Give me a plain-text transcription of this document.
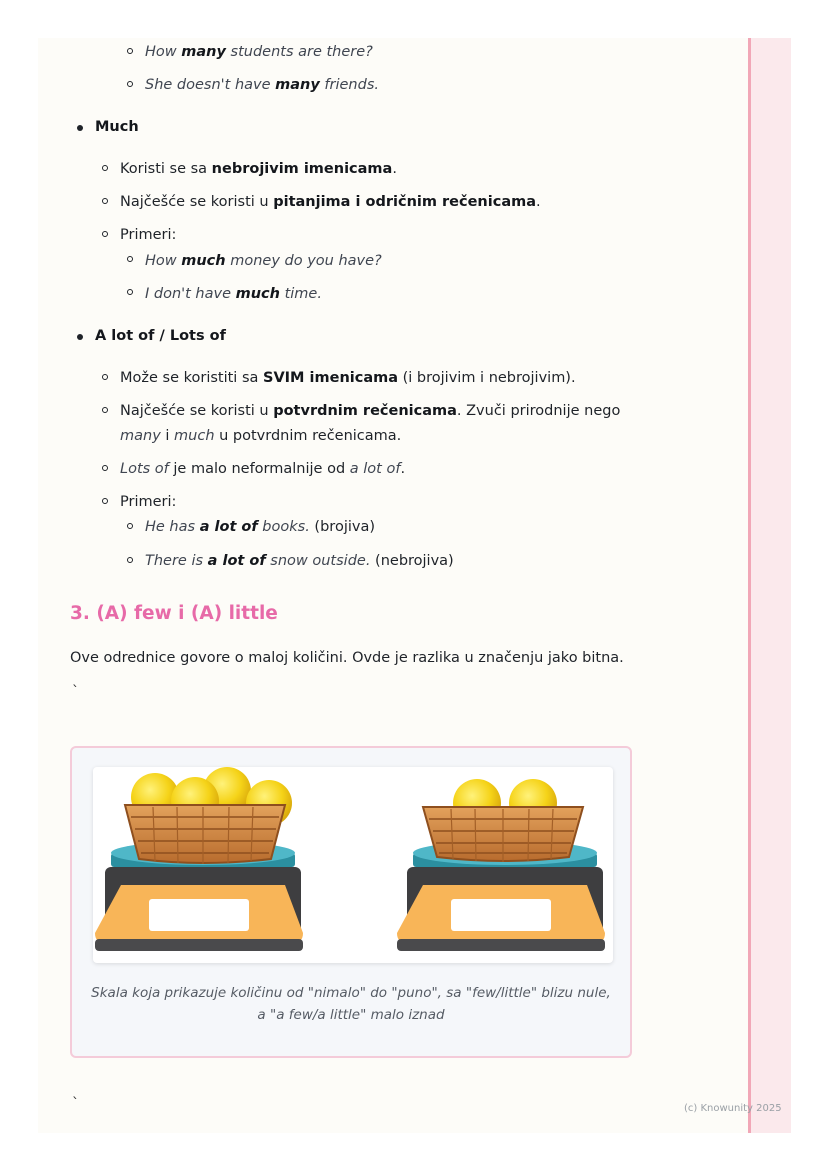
How many students are there?
She doesn't have many friends.
Much
Koristi se sa nebrojivim imenicama.
Najčešće se koristi u pitanjima i odričnim rečenicama.
Primeri:
How much money do you have?
I don't have much time.
A lot of / Lots of
Može se koristiti sa SVIM imenicama (i brojivim i nebrojivim).
Najčešće se koristi u potvrdnim rečenicama. Zvuči prirodnije nego
many i much u potvrdnim rečenicama.
Lots of je malo neformalnije od a lot of.
Primeri:
He has a lot of books. (brojiva)
There is a lot of snow outside. (nebrojiva)
3. (A) few i (A) little
Ove odrednice govore o maloj količini. Ovde je razlika u značenju jako bitna.
`
Skala koja prikazuje količinu od "nimalo" do "puno", sa "few/little" blizu nule,
a "a few/a little" malo iznad
`	(c) Knowunity 2025
